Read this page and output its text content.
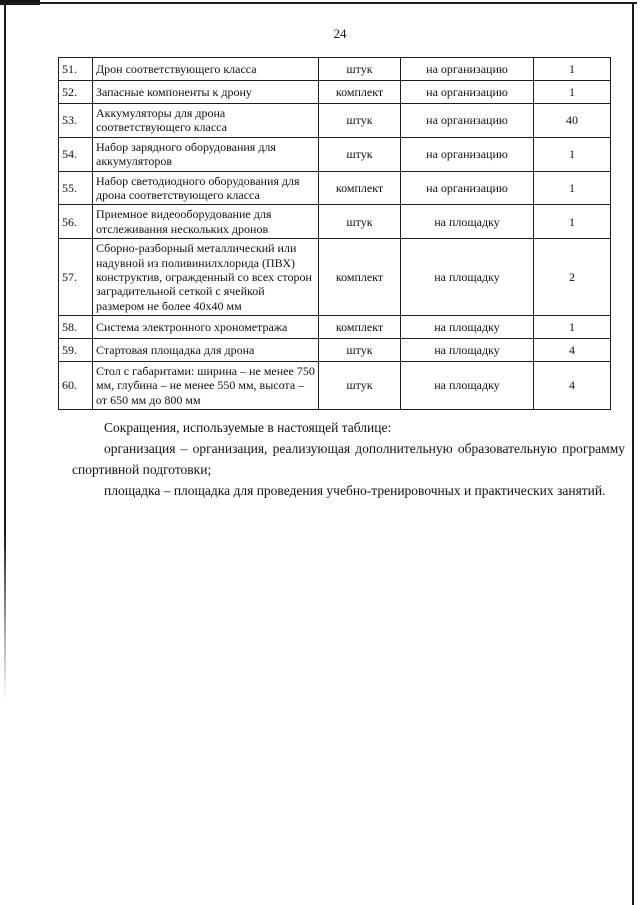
24
51.	Дрон соответствующего класса	штук	на организацию	1
52.	Запасные компоненты к дрону	комплект	на организацию	1
53.	Аккумуляторы для дрона соответствующего класса	штук	на организацию	40
54.	Набор зарядного оборудования для аккумуляторов	штук	на организацию	1
55.	Набор светодиодного оборудования для дрона соответствующего класса	комплект	на организацию	1
56.	Приемное видеооборудование для отслеживания нескольких дронов	штук	на площадку	1
57.	Сборно-разборный металлический или надувной из поливинилхлорида (ПВХ) конструктив, огражденный со всех сторон заградительной сеткой с ячейкой размером не более 40х40 мм	комплект	на площадку	2
58.	Система электронного хронометража	комплект	на площадку	1
59.	Стартовая площадка для дрона	штук	на площадку	4
60.	Стол с габаритами: ширина – не менее 750 мм, глубина – не менее 550 мм, высота – от 650 мм до 800 мм	штук	на площадку	4

Сокращения, используемые в настоящей таблице:

организация – организация, реализующая дополнительную образовательную программу спортивной подготовки;

площадка – площадка для проведения учебно-тренировочных и практических занятий.
